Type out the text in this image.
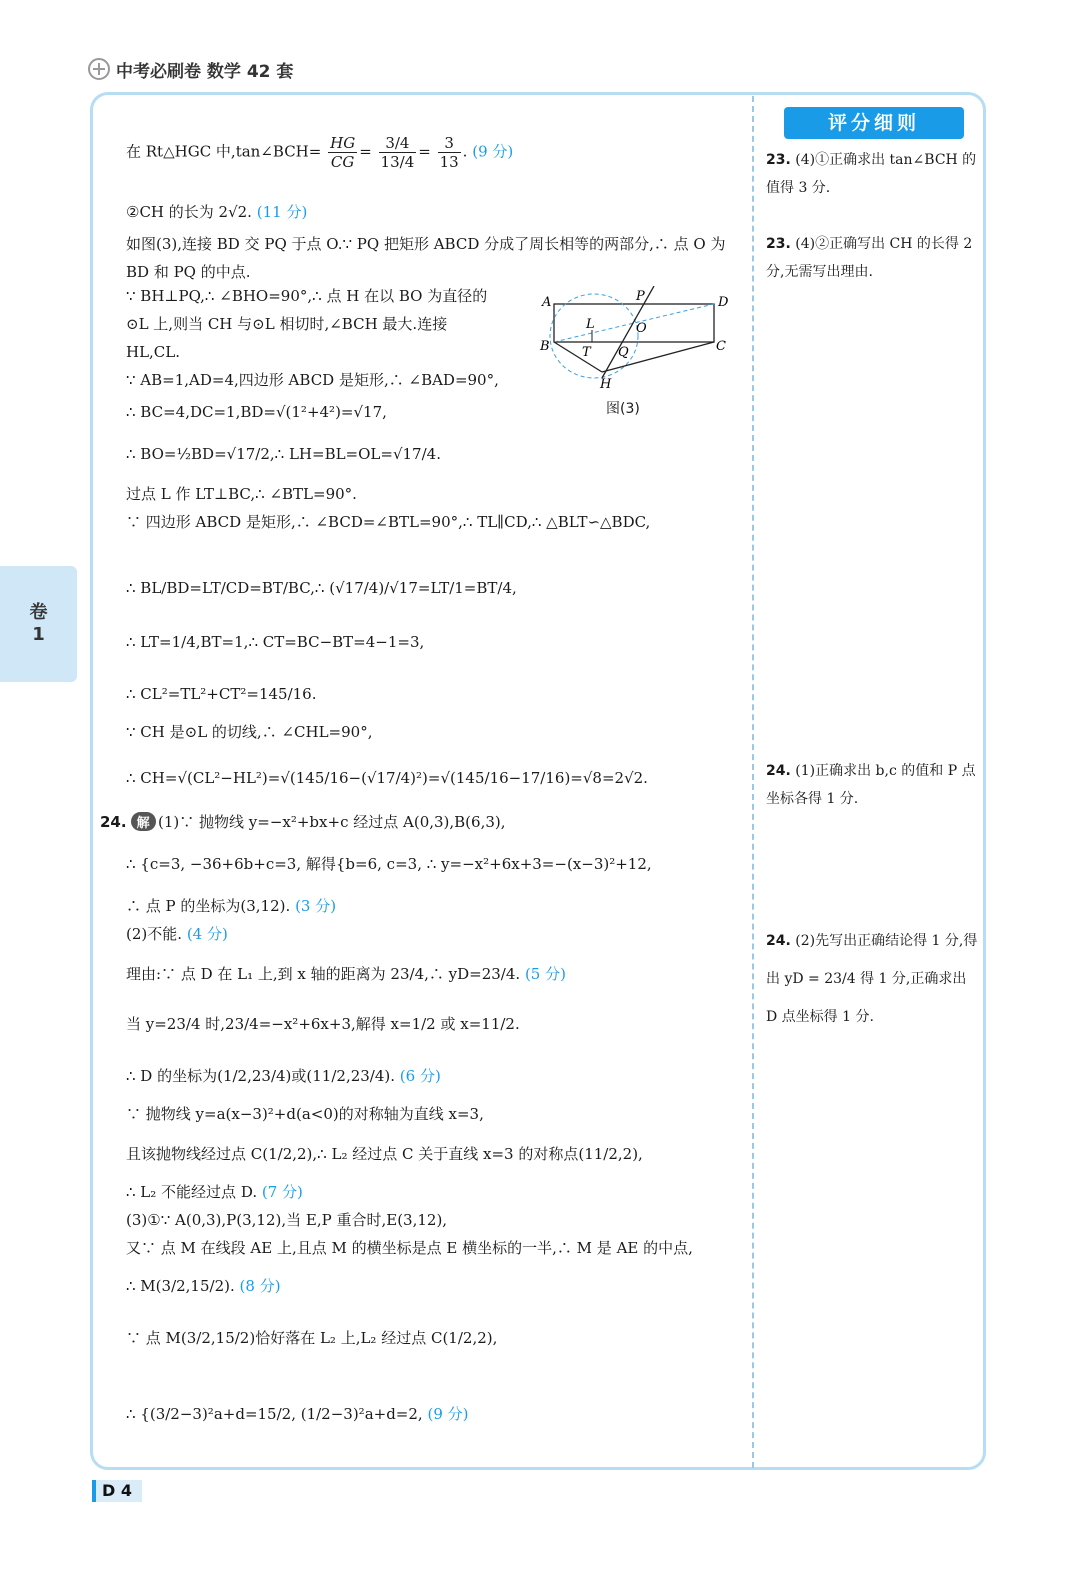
中考必刷卷 数学 42 套
卷
1
D 4
评分细则
23. (4)①正确求出 tan∠BCH 的值得 3 分.
23. (4)②正确写出 CH 的长得 2 分,无需写出理由.
24. (1)正确求出 b,c 的值和 P 点坐标各得 1 分.
24. (2)先写出正确结论得 1 分,得出 yD = 23/4 得 1 分,正确求出 D 点坐标得 1 分.
A	P	D
B
L	O
T Q	C
H
图(3)
在 Rt△HGC 中,tan∠BCH= $\frac{HG}{CG} = \frac{3/4}{13/4} = \frac{3}{13}$ . (9 分)
②CH 的长为 2√2. (11 分)
如图(3),连接 BD 交 PQ 于点 O.∵ PQ 把矩形 ABCD 分成了周长相等的两部分,∴ 点 O 为 BD 和 PQ 的中点.
∵ BH⊥PQ,∴ ∠BHO=90°,∴ 点 H 在以 BO 为直径的
⊙L 上,则当 CH 与⊙L 相切时,∠BCH 最大.连接
HL,CL.
∵ AB=1,AD=4,四边形 ABCD 是矩形,∴ ∠BAD=90°,
∴ BC=4,DC=1,BD=√(1²+4²)=√17,
∴ BO=½BD=√17/2,∴ LH=BL=OL=√17/4.
过点 L 作 LT⊥BC,∴ ∠BTL=90°.
∵ 四边形 ABCD 是矩形,∴ ∠BCD=∠BTL=90°,∴ TL∥CD,∴ △BLT∽△BDC,
∴ BL/BD=LT/CD=BT/BC,∴ (√17/4)/√17=LT/1=BT/4,
∴ LT=1/4,BT=1,∴ CT=BC−BT=4−1=3,
∴ CL²=TL²+CT²=145/16.
∵ CH 是⊙L 的切线,∴ ∠CHL=90°,
∴ CH=√(CL²−HL²)=√(145/16−(√17/4)²)=√(145/16−17/16)=√8=2√2.
24. 解 (1)∵ 抛物线 y=−x²+bx+c 经过点 A(0,3),B(6,3),
∴ {c=3, −36+6b+c=3, 解得{b=6, c=3, ∴ y=−x²+6x+3=−(x−3)²+12,
∴ 点 P 的坐标为(3,12). (3 分)
(2)不能. (4 分)
理由:∵ 点 D 在 L₁ 上,到 x 轴的距离为 23/4,∴ yD=23/4. (5 分)
当 y=23/4 时,23/4=−x²+6x+3,解得 x=1/2 或 x=11/2.
∴ D 的坐标为(1/2,23/4)或(11/2,23/4). (6 分)
∵ 抛物线 y=a(x−3)²+d(a<0)的对称轴为直线 x=3,
且该抛物线经过点 C(1/2,2),∴ L₂ 经过点 C 关于直线 x=3 的对称点(11/2,2),
∴ L₂ 不能经过点 D. (7 分)
(3)①∵ A(0,3),P(3,12),当 E,P 重合时,E(3,12),
又∵ 点 M 在线段 AE 上,且点 M 的横坐标是点 E 横坐标的一半,∴ M 是 AE 的中点,
∴ M(3/2,15/2). (8 分)
∵ 点 M(3/2,15/2)恰好落在 L₂ 上,L₂ 经过点 C(1/2,2),
∴ {(3/2−3)²a+d=15/2, (1/2−3)²a+d=2, (9 分)
